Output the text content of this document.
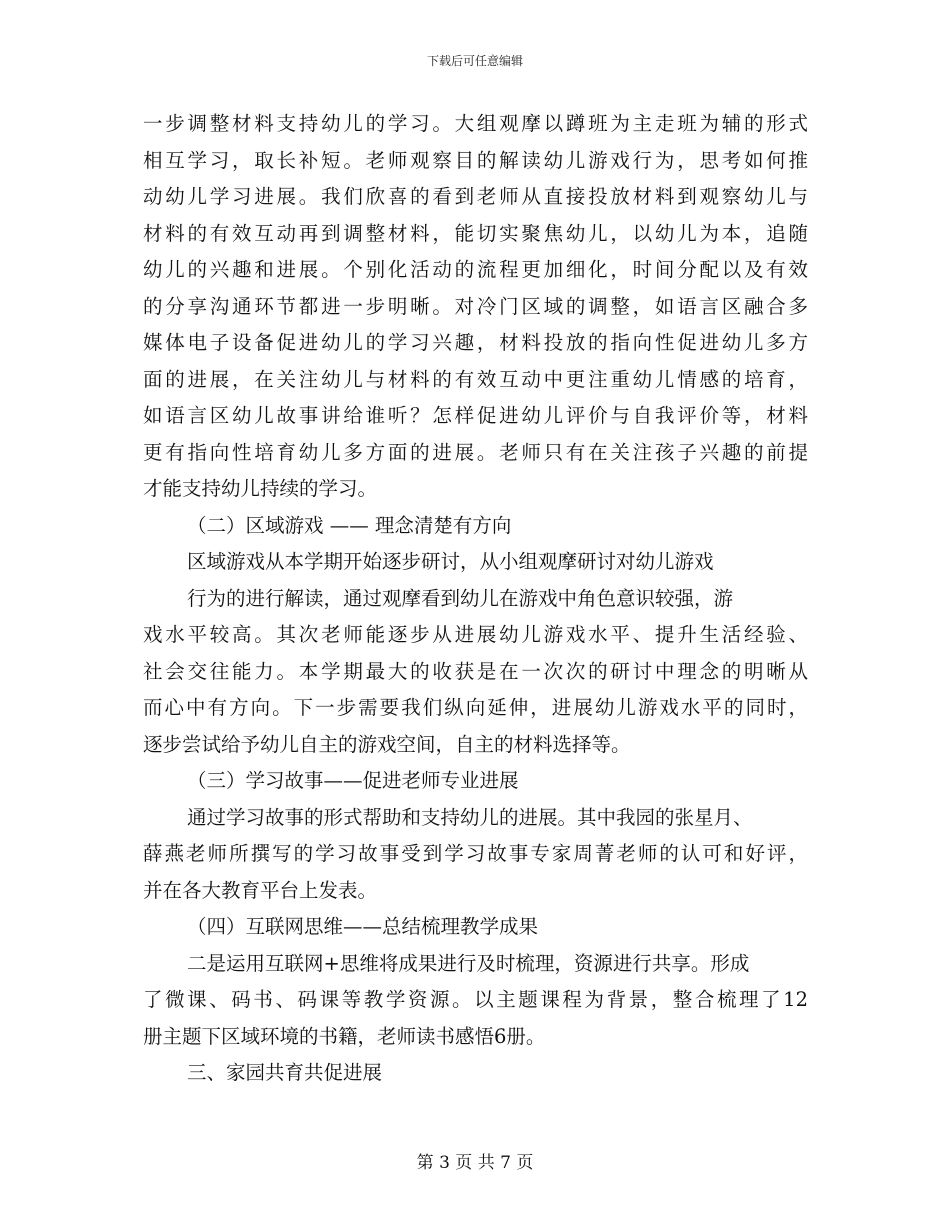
下载后可任意编辑
一步调整材料支持幼儿的学习。大组观摩以蹲班为主走班为辅的形式
相互学习，取长补短。老师观察目的解读幼儿游戏行为，思考如何推
动幼儿学习进展。我们欣喜的看到老师从直接投放材料到观察幼儿与
材料的有效互动再到调整材料，能切实聚焦幼儿，以幼儿为本，追随
幼儿的兴趣和进展。个别化活动的流程更加细化，时间分配以及有效
的分享沟通环节都进一步明晰。对冷门区域的调整，如语言区融合多
媒体电子设备促进幼儿的学习兴趣，材料投放的指向性促进幼儿多方
面的进展，在关注幼儿与材料的有效互动中更注重幼儿情感的培育，
如语言区幼儿故事讲给谁听？怎样促进幼儿评价与自我评价等，材料
更有指向性培育幼儿多方面的进展。老师只有在关注孩子兴趣的前提
才能支持幼儿持续的学习。
（二）区域游戏 —— 理念清楚有方向
区域游戏从本学期开始逐步研讨，从小组观摩研讨对幼儿游戏
行为的进行解读，通过观摩看到幼儿在游戏中角色意识较强，游
戏水平较高。其次老师能逐步从进展幼儿游戏水平、提升生活经验、
社会交往能力。本学期最大的收获是在一次次的研讨中理念的明晰从
而心中有方向。下一步需要我们纵向延伸，进展幼儿游戏水平的同时，
逐步尝试给予幼儿自主的游戏空间，自主的材料选择等。
（三）学习故事——促进老师专业进展
通过学习故事的形式帮助和支持幼儿的进展。其中我园的张星月、
薛燕老师所撰写的学习故事受到学习故事专家周菁老师的认可和好评，
并在各大教育平台上发表。
（四）互联网思维——总结梳理教学成果
二是运用互联网+思维将成果进行及时梳理，资源进行共享。形成
了微课、码书、码课等教学资源。以主题课程为背景，整合梳理了12
册主题下区域环境的书籍，老师读书感悟6册。
三、家园共育共促进展
第 3 页 共 7 页
